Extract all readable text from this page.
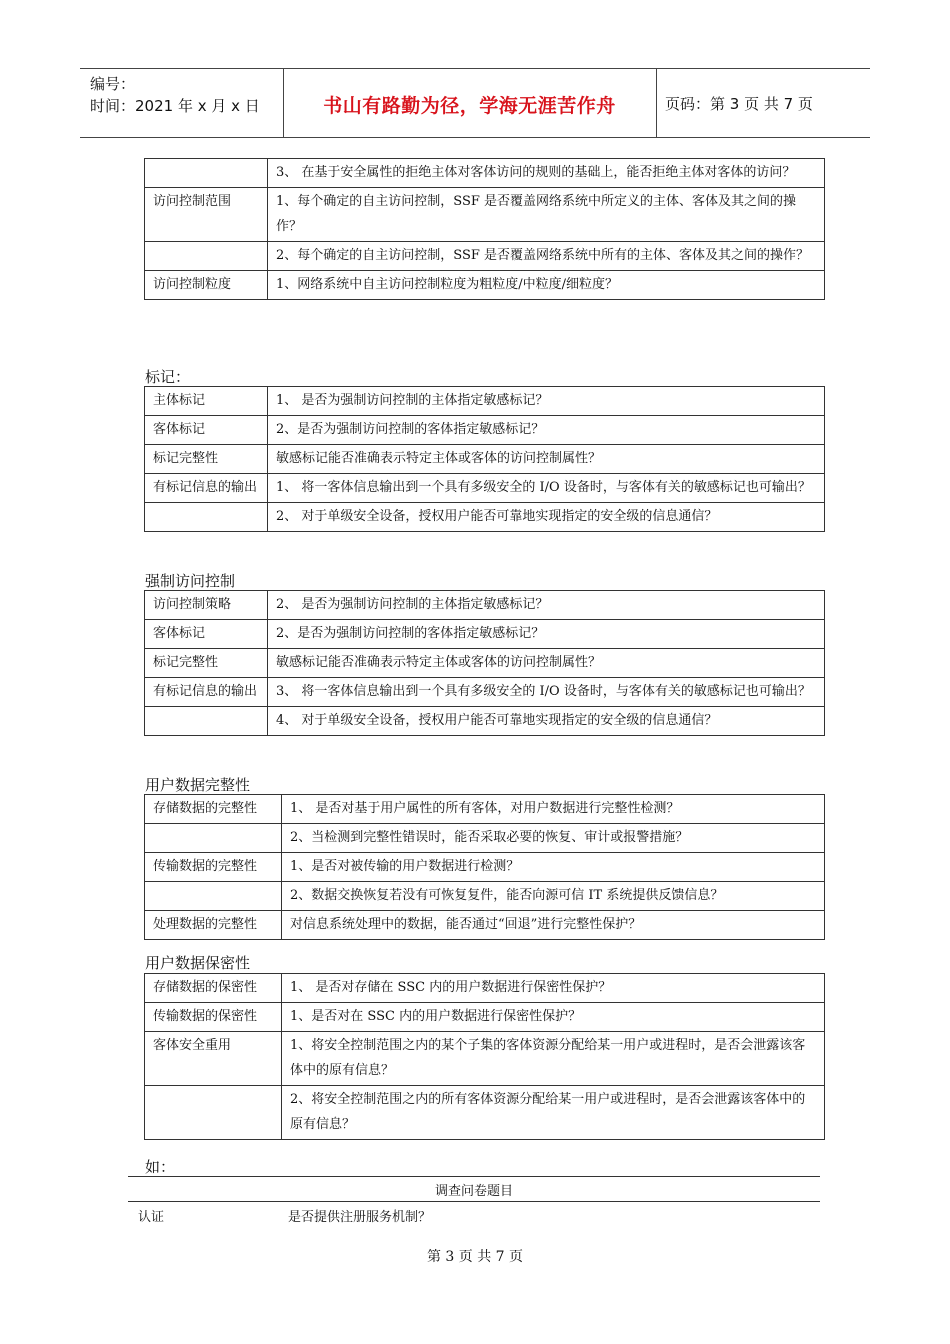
编号：
时间：2021 年 x 月 x 日	书山有路勤为径，学海无涯苦作舟	页码：第 3 页 共 7 页
	3、 在基于安全属性的拒绝主体对客体访问的规则的基础上，能否拒绝主体对客体的访问？
访问控制范围	1、每个确定的自主访问控制，SSF 是否覆盖网络系统中所定义的主体、客体及其之间的操作？
	2、每个确定的自主访问控制，SSF 是否覆盖网络系统中所有的主体、客体及其之间的操作？
访问控制粒度	1、网络系统中自主访问控制粒度为粗粒度/中粒度/细粒度？
标记：
主体标记	1、 是否为强制访问控制的主体指定敏感标记？
客体标记	2、是否为强制访问控制的客体指定敏感标记？
标记完整性	敏感标记能否准确表示特定主体或客体的访问控制属性？
有标记信息的输出	1、 将一客体信息输出到一个具有多级安全的 I/O 设备时，与客体有关的敏感标记也可输出？
	2、 对于单级安全设备，授权用户能否可靠地实现指定的安全级的信息通信？
强制访问控制
访问控制策略	2、 是否为强制访问控制的主体指定敏感标记？
客体标记	2、是否为强制访问控制的客体指定敏感标记？
标记完整性	敏感标记能否准确表示特定主体或客体的访问控制属性？
有标记信息的输出	3、 将一客体信息输出到一个具有多级安全的 I/O 设备时，与客体有关的敏感标记也可输出？
	4、 对于单级安全设备，授权用户能否可靠地实现指定的安全级的信息通信？
用户数据完整性
存储数据的完整性	1、 是否对基于用户属性的所有客体，对用户数据进行完整性检测？
	2、当检测到完整性错误时，能否采取必要的恢复、审计或报警措施？
传输数据的完整性	1、是否对被传输的用户数据进行检测？
	2、数据交换恢复若没有可恢复复件，能否向源可信 IT 系统提供反馈信息？
处理数据的完整性	对信息系统处理中的数据，能否通过“回退”进行完整性保护？
用户数据保密性
存储数据的保密性	1、 是否对存储在 SSC 内的用户数据进行保密性保护？
传输数据的保密性	1、是否对在 SSC 内的用户数据进行保密性保护？
客体安全重用	1、将安全控制范围之内的某个子集的客体资源分配给某一用户或进程时，是否会泄露该客体中的原有信息？
	2、将安全控制范围之内的所有客体资源分配给某一用户或进程时，是否会泄露该客体中的原有信息？
如：
调查问卷题目
认证	是否提供注册服务机制？
第 3 页 共 7 页
